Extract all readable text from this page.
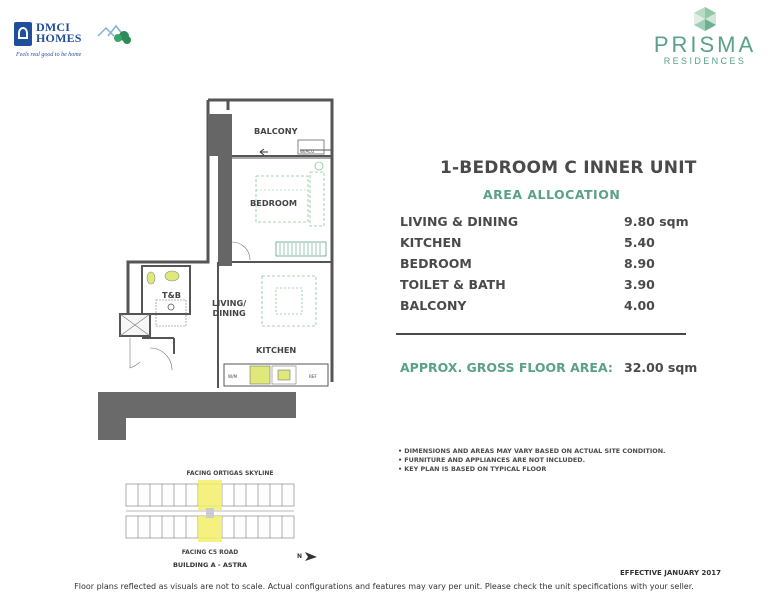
DMCI
HOMES
Feels real good to be home	PRISMA
RESIDENCES
BALCONY
BEDROOM
T&B
LIVING/
DINING
KITCHEN
W/M	REF
W/ACU
FACING ORTIGAS SKYLINE
FACING C5 ROAD
BUILDING A - ASTRA
N
1-BEDROOM C INNER UNIT
AREA ALLOCATION
LIVING & DINING	9.80 sqm
KITCHEN	5.40
BEDROOM	8.90
TOILET & BATH	3.90
BALCONY	4.00
APPROX. GROSS FLOOR AREA: 32.00 sqm
• DIMENSIONS AND AREAS MAY VARY BASED ON ACTUAL SITE CONDITION.
• FURNITURE AND APPLIANCES ARE NOT INCLUDED.
• KEY PLAN IS BASED ON TYPICAL FLOOR
EFFECTIVE JANUARY 2017
Floor plans reflected as visuals are not to scale. Actual configurations and features may vary per unit. Please check the unit specifications with your seller.
